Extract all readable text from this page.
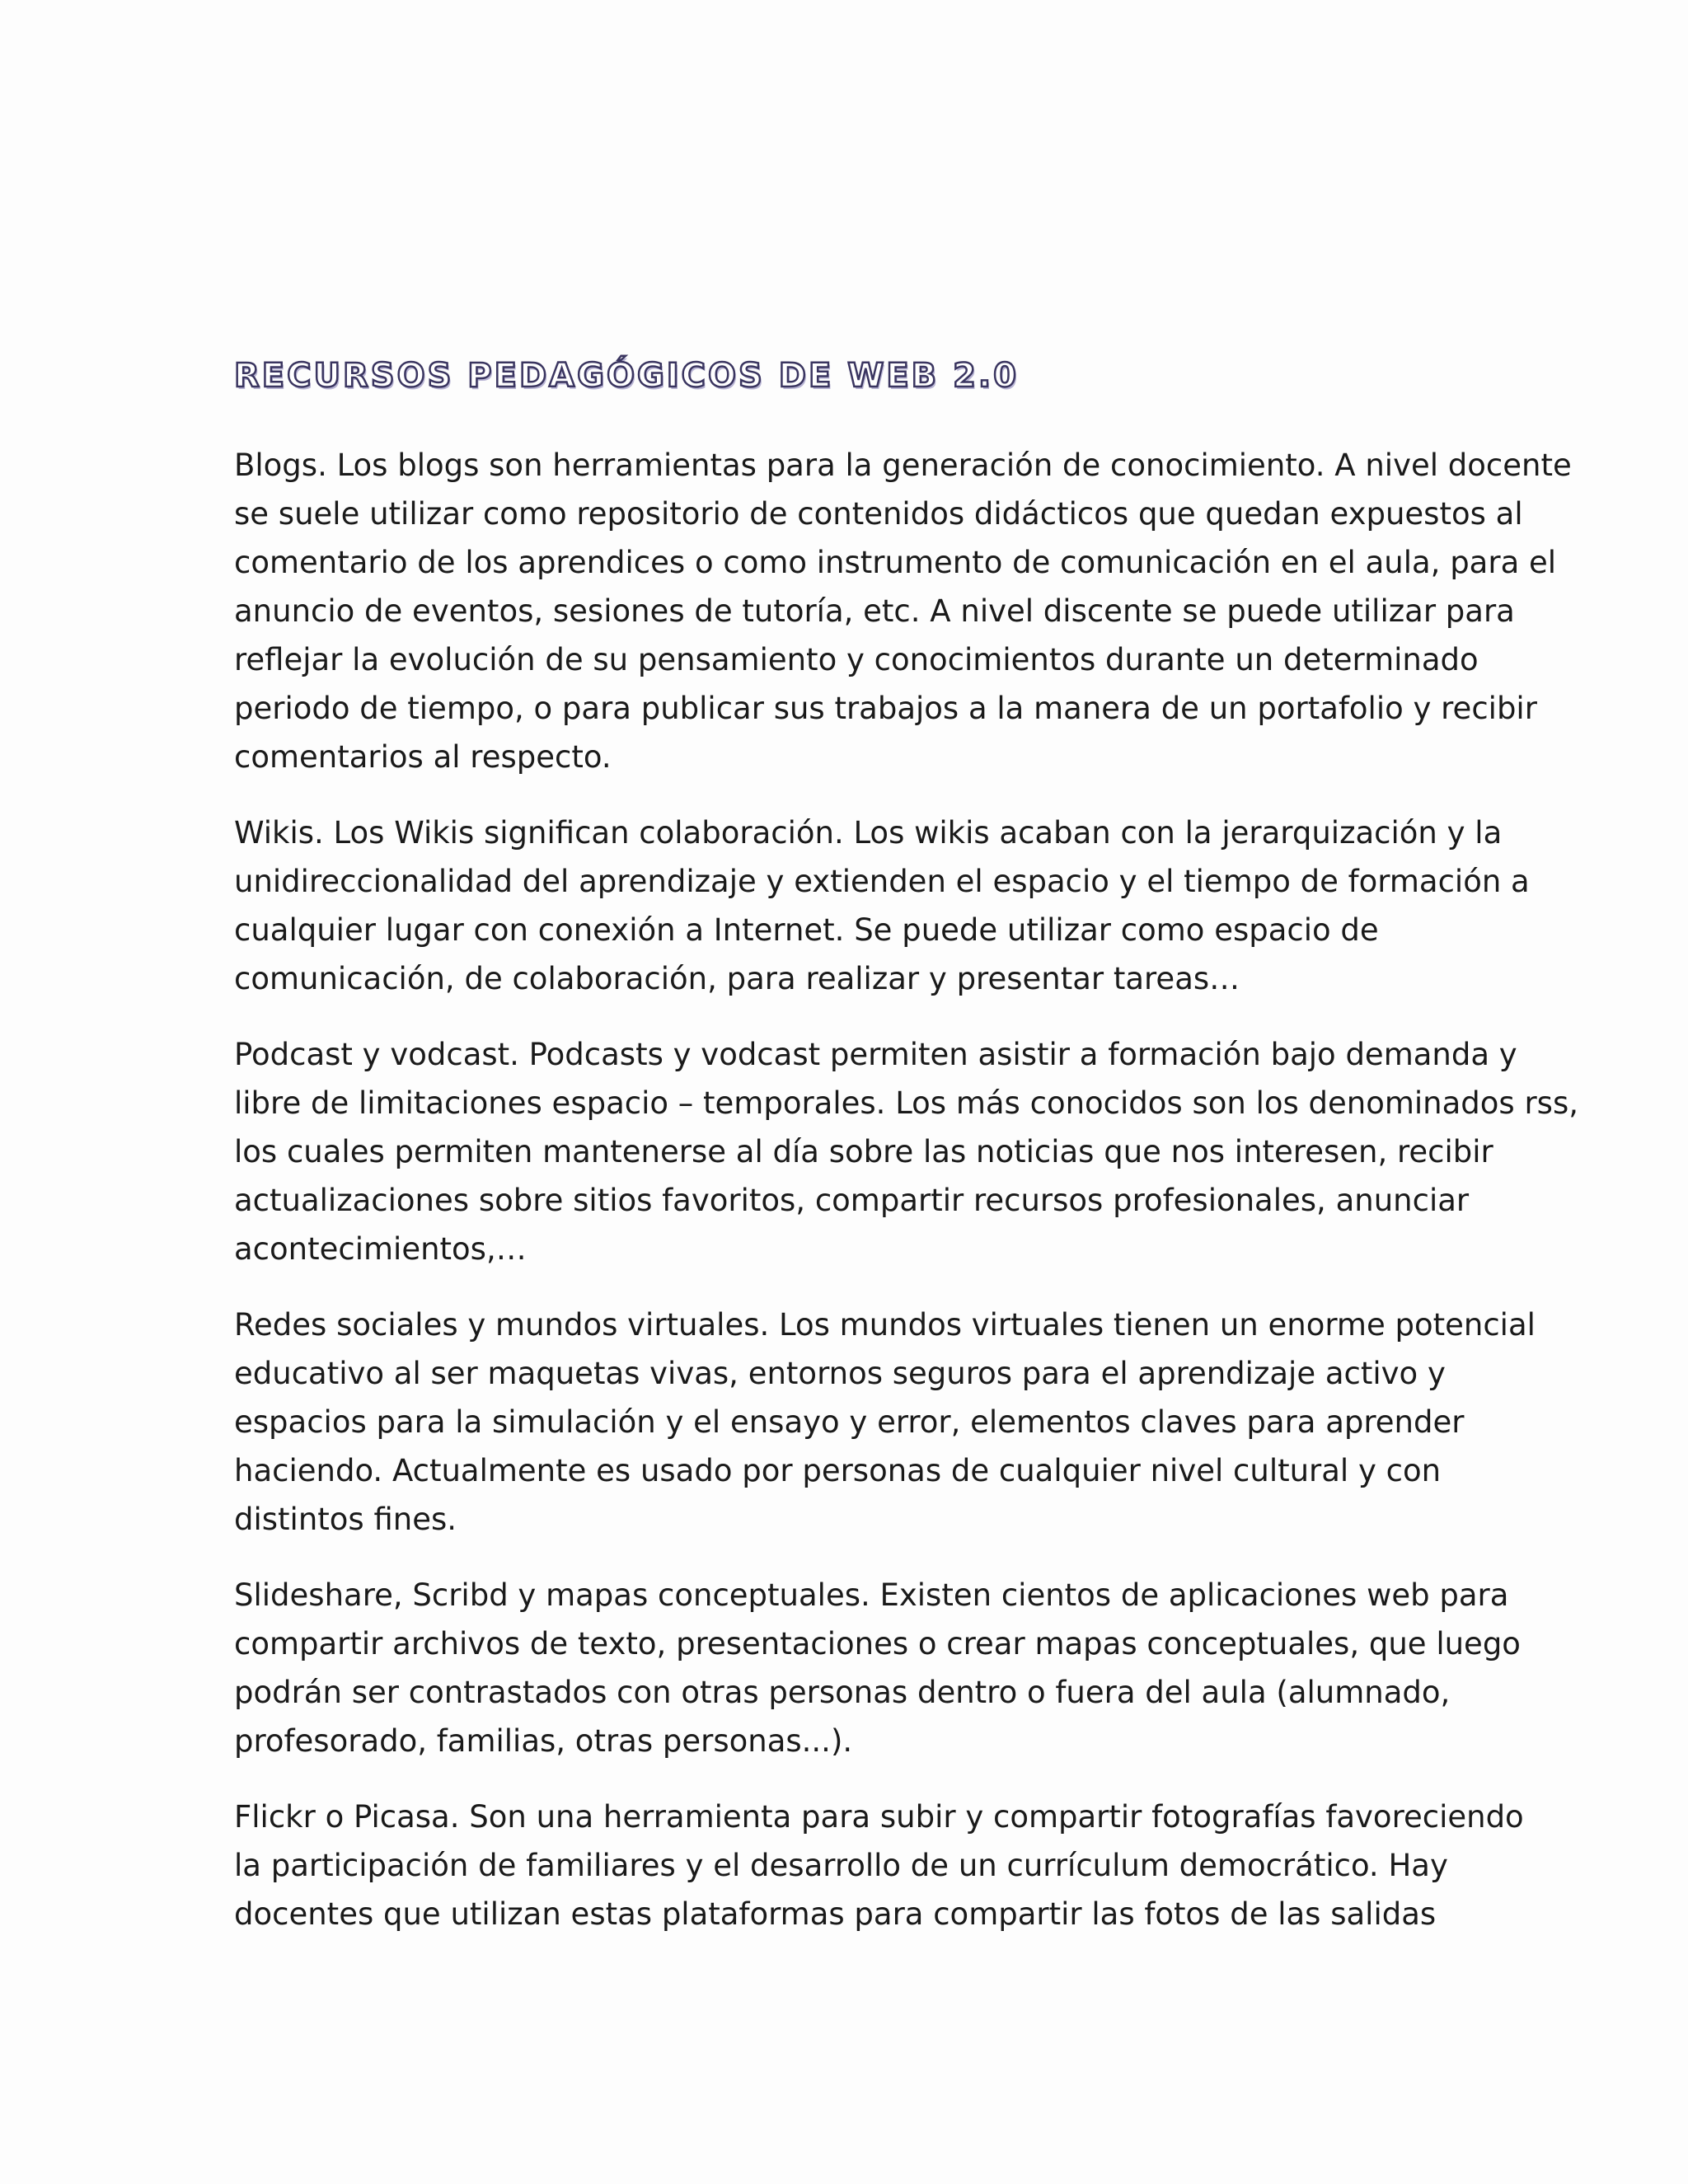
RECURSOS PEDAGÓGICOS DE WEB 2.0

Blogs. Los blogs son herramientas para la generación de conocimiento. A nivel docente
se suele utilizar como repositorio de contenidos didácticos que quedan expuestos al
comentario de los aprendices o como instrumento de comunicación en el aula, para el
anuncio de eventos, sesiones de tutoría, etc. A nivel discente se puede utilizar para
reflejar la evolución de su pensamiento y conocimientos durante un determinado
periodo de tiempo, o para publicar sus trabajos a la manera de un portafolio y recibir
comentarios al respecto.

Wikis. Los Wikis significan colaboración. Los wikis acaban con la jerarquización y la
unidireccionalidad del aprendizaje y extienden el espacio y el tiempo de formación a
cualquier lugar con conexión a Internet. Se puede utilizar como espacio de
comunicación, de colaboración, para realizar y presentar tareas…

Podcast y vodcast. Podcasts y vodcast permiten asistir a formación bajo demanda y
libre de limitaciones espacio – temporales. Los más conocidos son los denominados rss,
los cuales permiten mantenerse al día sobre las noticias que nos interesen, recibir
actualizaciones sobre sitios favoritos, compartir recursos profesionales, anunciar
acontecimientos,…

Redes sociales y mundos virtuales. Los mundos virtuales tienen un enorme potencial
educativo al ser maquetas vivas, entornos seguros para el aprendizaje activo y
espacios para la simulación y el ensayo y error, elementos claves para aprender
haciendo. Actualmente es usado por personas de cualquier nivel cultural y con
distintos fines.

Slideshare, Scribd y mapas conceptuales. Existen cientos de aplicaciones web para
compartir archivos de texto, presentaciones o crear mapas conceptuales, que luego
podrán ser contrastados con otras personas dentro o fuera del aula (alumnado,
profesorado, familias, otras personas...).

Flickr o Picasa. Son una herramienta para subir y compartir fotografías favoreciendo
la participación de familiares y el desarrollo de un currículum democrático. Hay
docentes que utilizan estas plataformas para compartir las fotos de las salidas
